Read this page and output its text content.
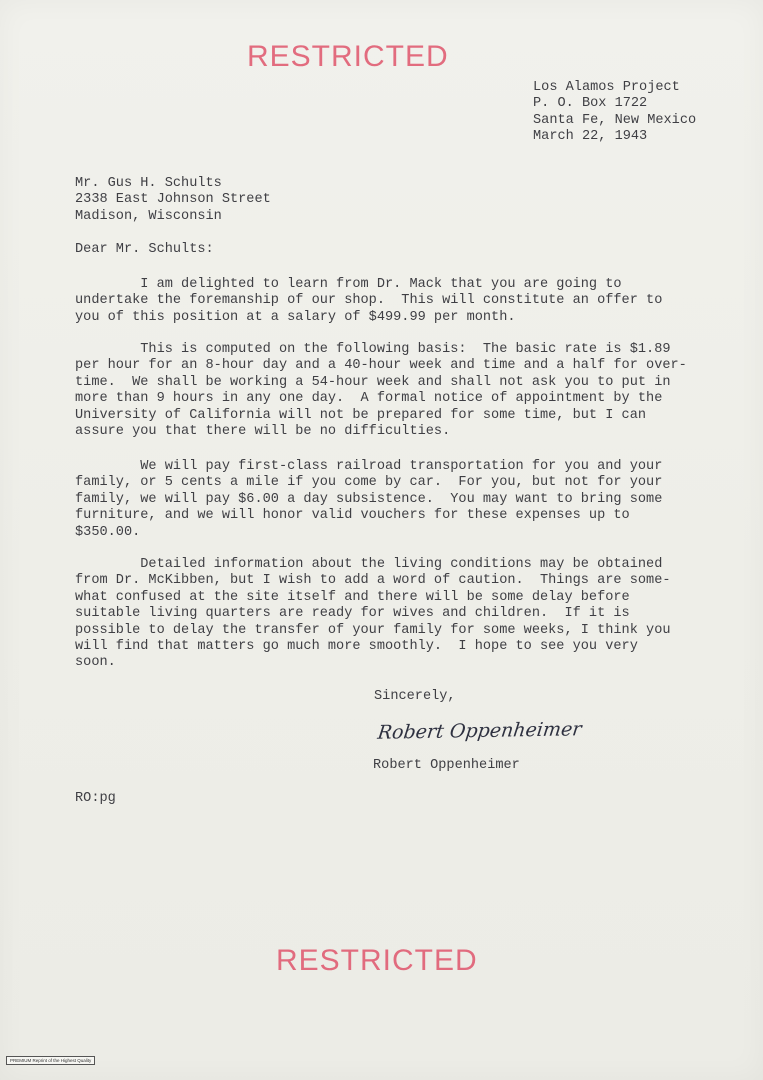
RESTRICTED
Los Alamos Project
P. O. Box 1722
Santa Fe, New Mexico
March 22, 1943
Mr. Gus H. Schults
2338 East Johnson Street
Madison, Wisconsin
Dear Mr. Schults:
I am delighted to learn from Dr. Mack that you are going to
undertake the foremanship of our shop.  This will constitute an offer to
you of this position at a salary of $499.99 per month.
This is computed on the following basis:  The basic rate is $1.89
per hour for an 8-hour day and a 40-hour week and time and a half for over-
time.  We shall be working a 54-hour week and shall not ask you to put in
more than 9 hours in any one day.  A formal notice of appointment by the
University of California will not be prepared for some time, but I can
assure you that there will be no difficulties.
We will pay first-class railroad transportation for you and your
family, or 5 cents a mile if you come by car.  For you, but not for your
family, we will pay $6.00 a day subsistence.  You may want to bring some
furniture, and we will honor valid vouchers for these expenses up to
$350.00.
Detailed information about the living conditions may be obtained
from Dr. McKibben, but I wish to add a word of caution.  Things are some-
what confused at the site itself and there will be some delay before
suitable living quarters are ready for wives and children.  If it is
possible to delay the transfer of your family for some weeks, I think you
will find that matters go much more smoothly.  I hope to see you very
soon.
Sincerely,
Robert Oppenheimer
Robert Oppenheimer
RO:pg
RESTRICTED
PREMIUM Reprint of the Highest Quality
